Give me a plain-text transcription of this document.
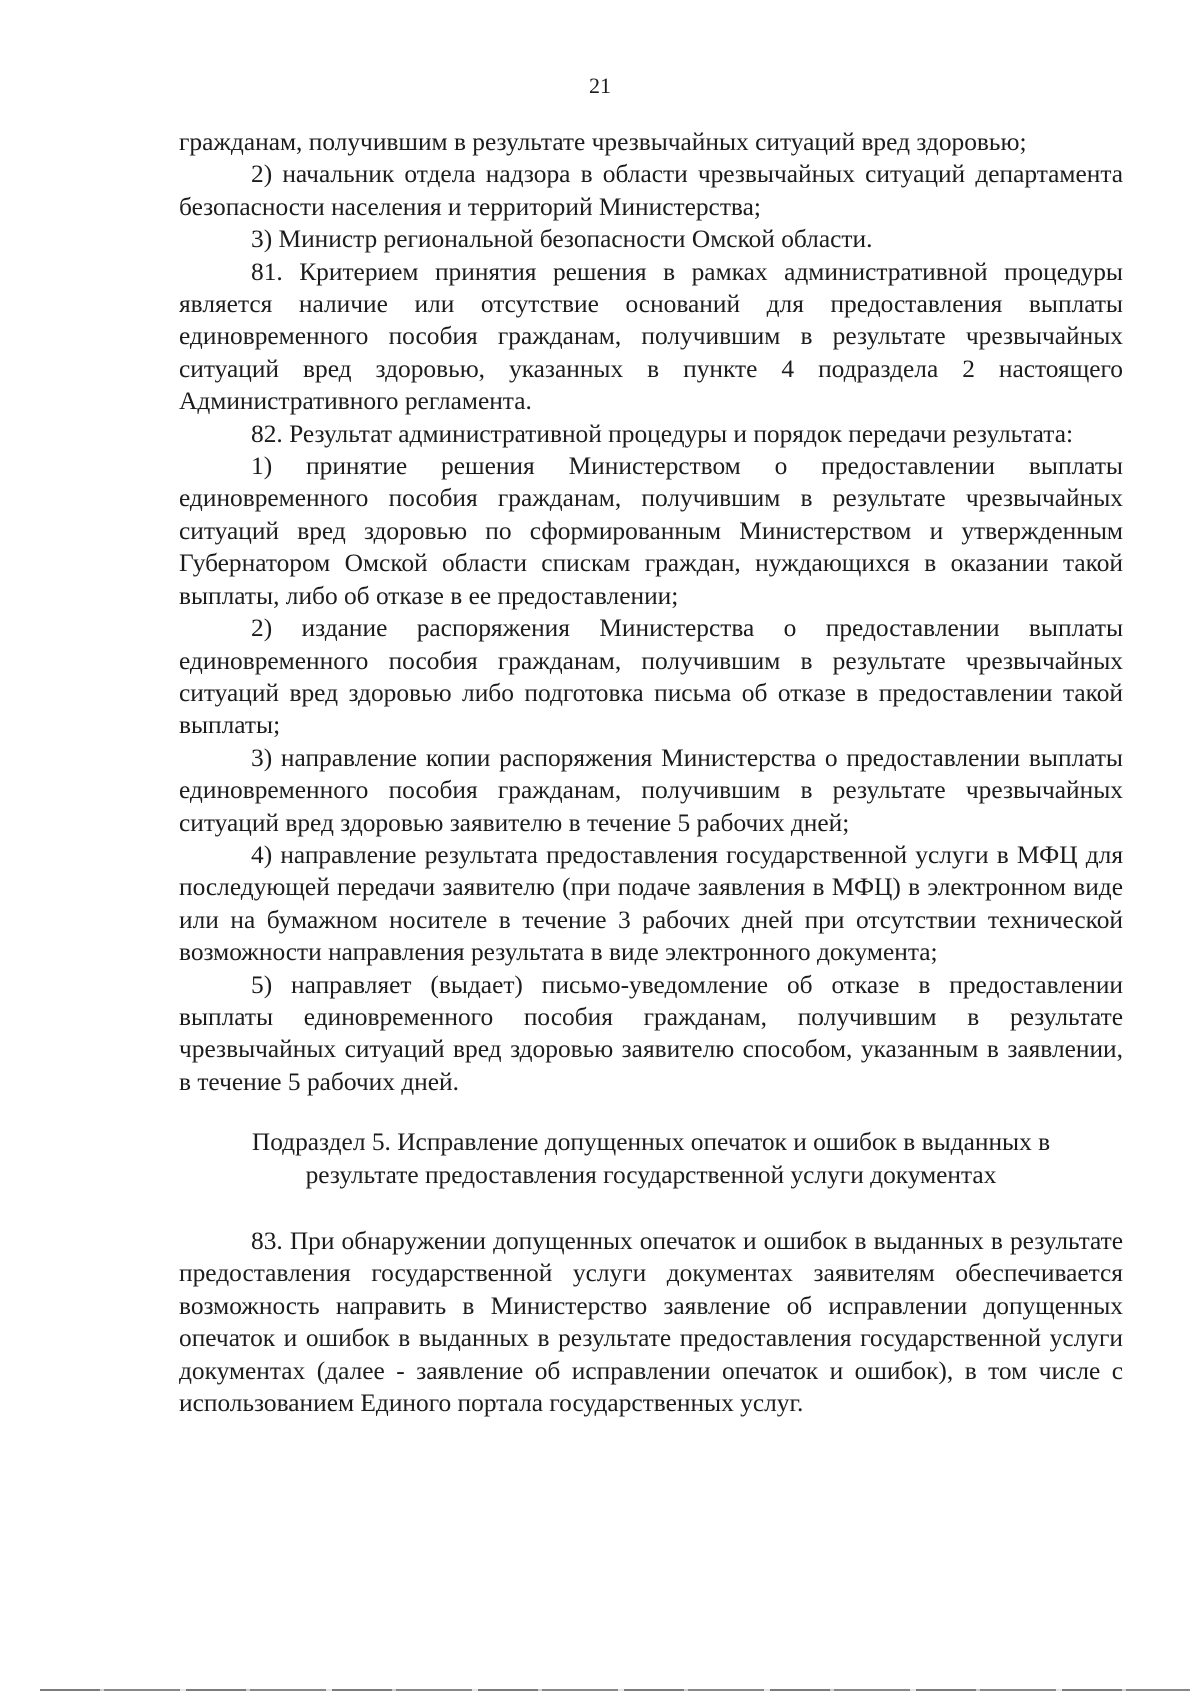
21

гражданам, получившим в результате чрезвычайных ситуаций вред здоровью;

2) начальник отдела надзора в области чрезвычайных ситуаций департамента безопасности населения и территорий Министерства;

3) Министр региональной безопасности Омской области.

81. Критерием принятия решения в рамках административной процедуры является наличие или отсутствие оснований для предоставления выплаты единовременного пособия гражданам, получившим в результате чрезвычайных ситуаций вред здоровью, указанных в пункте 4 подраздела 2 настоящего Административного регламента.

82. Результат административной процедуры и порядок передачи результата:

1) принятие решения Министерством о предоставлении выплаты единовременного пособия гражданам, получившим в результате чрезвычайных ситуаций вред здоровью по сформированным Министерством и утвержденным Губернатором Омской области спискам граждан, нуждающихся в оказании такой выплаты, либо об отказе в ее предоставлении;

2) издание распоряжения Министерства о предоставлении выплаты единовременного пособия гражданам, получившим в результате чрезвычайных ситуаций вред здоровью либо подготовка письма об отказе в предоставлении такой выплаты;

3) направление копии распоряжения Министерства о предоставлении выплаты единовременного пособия гражданам, получившим в результате чрезвычайных ситуаций вред здоровью заявителю в течение 5 рабочих дней;

4) направление результата предоставления государственной услуги в МФЦ для последующей передачи заявителю (при подаче заявления в МФЦ) в электронном виде или на бумажном носителе в течение 3 рабочих дней при отсутствии технической возможности направления результата в виде электронного документа;

5) направляет (выдает) письмо-уведомление об отказе в предоставлении выплаты единовременного пособия гражданам, получившим в результате чрезвычайных ситуаций вред здоровью заявителю способом, указанным в заявлении, в течение 5 рабочих дней.

Подраздел 5. Исправление допущенных опечаток и ошибок в выданных в
результате предоставления государственной услуги документах

83. При обнаружении допущенных опечаток и ошибок в выданных в результате предоставления государственной услуги документах заявителям обеспечивается возможность направить в Министерство заявление об исправлении допущенных опечаток и ошибок в выданных в результате предоставления государственной услуги документах (далее - заявление об исправлении опечаток и ошибок), в том числе с использованием Единого портала государственных услуг.
